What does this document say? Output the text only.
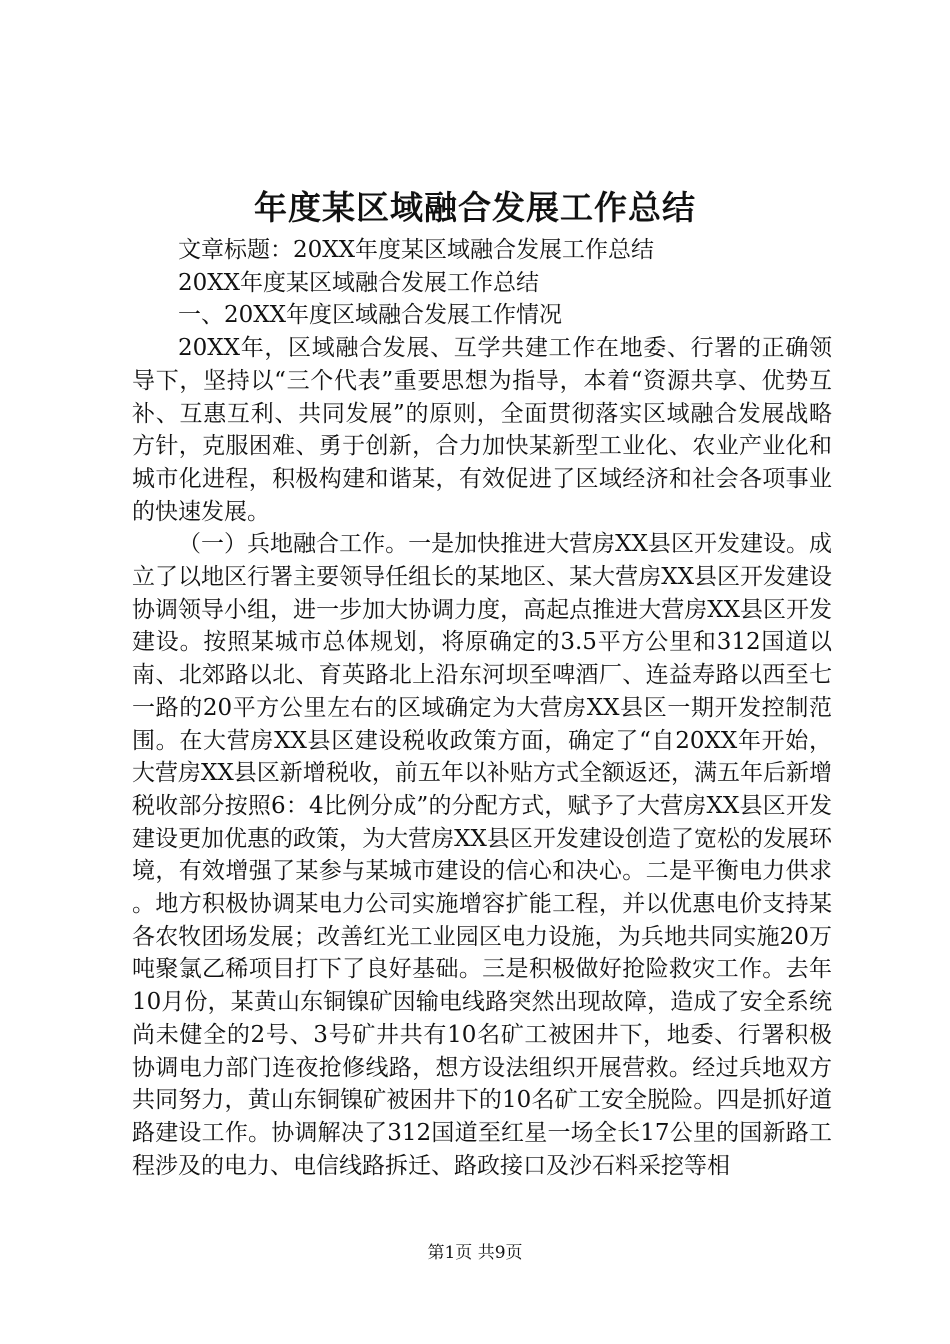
年度某区域融合发展工作总结

文章标题：20XX年度某区域融合发展工作总结

20XX年度某区域融合发展工作总结

一、20XX年度区域融合发展工作情况

20XX年，区域融合发展、互学共建工作在地委、行署的正确领导下，坚持以“三个代表”重要思想为指导，本着“资源共享、优势互补、互惠互利、共同发展”的原则，全面贯彻落实区域融合发展战略方针，克服困难、勇于创新，合力加快某新型工业化、农业产业化和城市化进程，积极构建和谐某，有效促进了区域经济和社会各项事业的快速发展。

（一）兵地融合工作。一是加快推进大营房XX县区开发建设。成立了以地区行署主要领导任组长的某地区、某大营房XX县区开发建设协调领导小组，进一步加大协调力度，高起点推进大营房XX县区开发建设。按照某城市总体规划，将原确定的3.5平方公里和312国道以南、北郊路以北、育英路北上沿东河坝至啤酒厂、连益寿路以西至七一路的20平方公里左右的区域确定为大营房XX县区一期开发控制范围。在大营房XX县区建设税收政策方面，确定了“自20XX年开始，大营房XX县区新增税收，前五年以补贴方式全额返还，满五年后新增税收部分按照6：4比例分成”的分配方式，赋予了大营房XX县区开发建设更加优惠的政策，为大营房XX县区开发建设创造了宽松的发展环境，有效增强了某参与某城市建设的信心和决心。二是平衡电力供求。地方积极协调某电力公司实施增容扩能工程，并以优惠电价支持某各农牧团场发展；改善红光工业园区电力设施，为兵地共同实施20万吨聚氯乙稀项目打下了良好基础。三是积极做好抢险救灾工作。去年10月份，某黄山东铜镍矿因输电线路突然出现故障，造成了安全系统尚未健全的2号、3号矿井共有10名矿工被困井下，地委、行署积极协调电力部门连夜抢修线路，想方设法组织开展营救。经过兵地双方共同努力，黄山东铜镍矿被困井下的10名矿工安全脱险。四是抓好道路建设工作。协调解决了312国道至红星一场全长17公里的国新路工程涉及的电力、电信线路拆迁、路政接口及沙石料采挖等相

第1页 共9页
